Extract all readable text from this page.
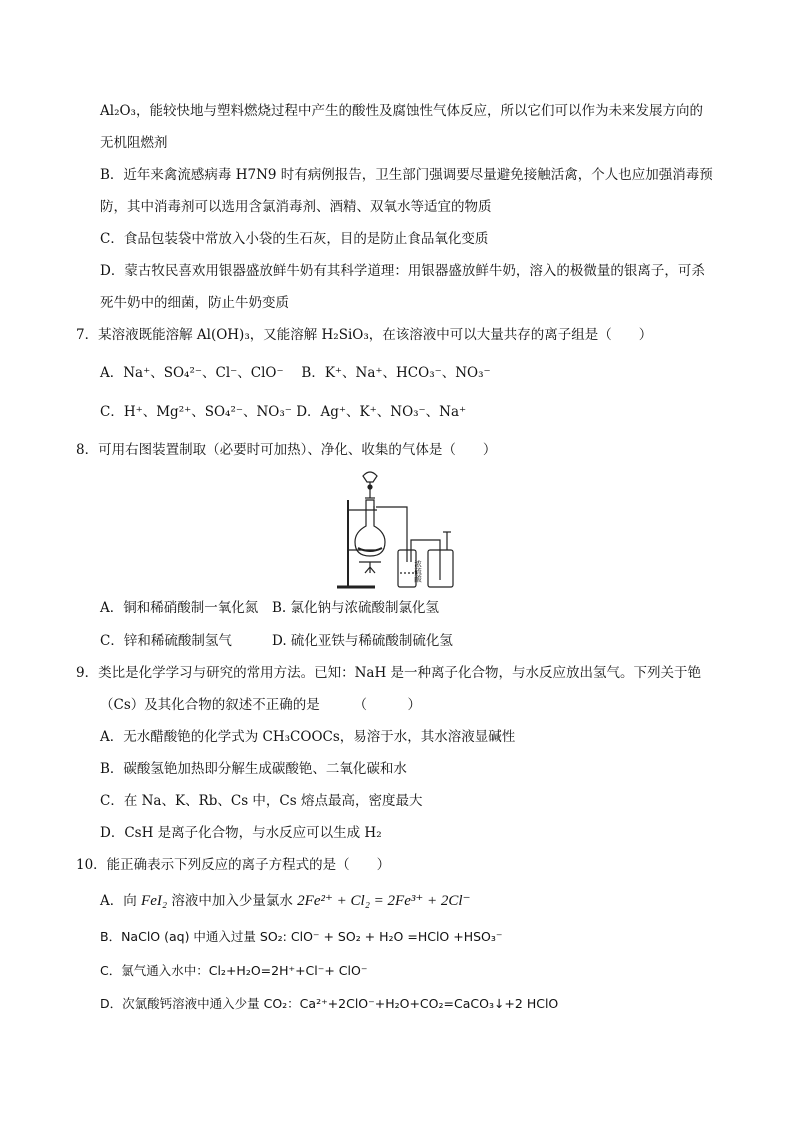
Al₂O₃，能较快地与塑料燃烧过程中产生的酸性及腐蚀性气体反应，所以它们可以作为未来发展方向的
无机阻燃剂
B．近年来禽流感病毒 H7N9 时有病例报告，卫生部门强调要尽量避免接触活禽，个人也应加强消毒预
防，其中消毒剂可以选用含氯消毒剂、酒精、双氧水等适宜的物质
C．食品包装袋中常放入小袋的生石灰，目的是防止食品氧化变质
D．蒙古牧民喜欢用银器盛放鲜牛奶有其科学道理：用银器盛放鲜牛奶，溶入的极微量的银离子，可杀
死牛奶中的细菌，防止牛奶变质
7．某溶液既能溶解 Al(OH)₃，又能溶解 H₂SiO₃，在该溶液中可以大量共存的离子组是（　　）
A．Na⁺、SO₄²⁻、Cl⁻、ClO⁻　 B．K⁺、Na⁺、HCO₃⁻、NO₃⁻
C．H⁺、Mg²⁺、SO₄²⁻、NO₃⁻ D．Ag⁺、K⁺、NO₃⁻、Na⁺
8．可用右图装置制取（必要时可加热）、净化、收集的气体是（　　）
浓硫酸
A．铜和稀硝酸制一氧化氮 B. 氯化钠与浓硫酸制氯化氢
C．锌和稀硫酸制氢气	D. 硫化亚铁与稀硫酸制硫化氢
9．类比是化学学习与研究的常用方法。已知：NaH 是一种离子化合物，与水反应放出氢气。下列关于铯
（Cs）及其化合物的叙述不正确的是　　　（　　　）
A．无水醋酸铯的化学式为 CH₃COOCs，易溶于水，其水溶液显碱性
B．碳酸氢铯加热即分解生成碳酸铯、二氧化碳和水
C．在 Na、K、Rb、Cs 中，Cs 熔点最高，密度最大
D．CsH 是离子化合物，与水反应可以生成 H₂
10．能正确表示下列反应的离子方程式的是（　　）
A．向 FeI₂ 溶液中加入少量氯水 2Fe²⁺ + Cl₂ = 2Fe³⁺ + 2Cl⁻
B．NaClO (aq) 中通入过量 SO₂: ClO⁻ + SO₂ + H₂O =HClO +HSO₃⁻
C．氯气通入水中：Cl₂+H₂O=2H⁺+Cl⁻+ ClO⁻
D．次氯酸钙溶液中通入少量 CO₂：Ca²⁺+2ClO⁻+H₂O+CO₂=CaCO₃↓+2 HClO
